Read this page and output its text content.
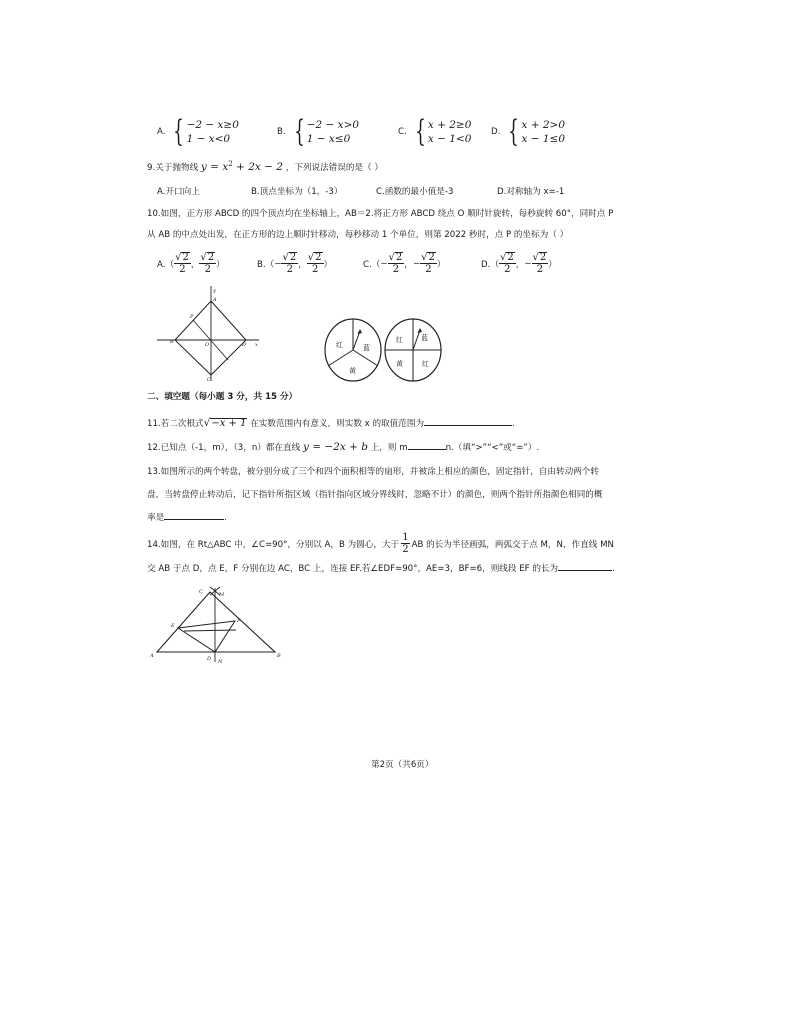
A. { −2 − x≥0
1 − x<0
B. { −2 − x>0
1 − x≤0
C. { x + 2≥0
x − 1<0
D. { x + 2>0
x − 1≤0
9.关于抛物线 $y = x^2 + 2x - 2$ ，下列说法错误的是（ ）
A.开口向上	B.顶点坐标为（1，-3）	C.函数的最小值是-3	D.对称轴为 x=-1
10.如图，正方形 ABCD 的四个顶点均在坐标轴上，AB＝2.将正方形 ABCD 绕点 O 顺时针旋转，每秒旋转 60°，同时点 P
从 AB 的中点处出发，在正方形的边上顺时针移动，每秒移动 1 个单位，则第 2022 秒时，点 P 的坐标为（ ）
$A.( \frac{√2}{2}$ ， $\frac{√2}{2}$ ）	$B.( - \frac{√2}{2}$ ， $\frac{√2}{2}$ ）	$C.( - \frac{√2}{2}$ ， − $\frac{√2}{2}$ ）	$D.( \frac{√2}{2}$ ， − $\frac{√2}{2}$ ）
y
A
P
B	O	D x
C
红	蓝
黄
红	蓝
黄	红
二、填空题（每小题 3 分，共 15 分）
11.若二次根式√−x + 1 在实数范围内有意义，则实数 x 的取值范围为	.
12.已知点（-1，m），（3，n）都在直线 y = −2x + b 上，则 m	n.（填“>”“<”或“=”）.
13.如图所示的两个转盘，被分别分成了三个和四个面积相等的扇形，并被涂上相应的颜色，固定指针，自由转动两个转
盘，当转盘停止转动后，记下指针所指区域（指针指向区域分界线时，忽略不计）的颜色，则两个指针所指颜色相同的概
率是	.
14.如图，在 Rt△ABC 中，∠C=90°，分别以 A，B 为圆心，大于 $\frac{1}{2}$ AB 的长为半径画弧，两弧交于点 M，N，作直线 MN
交 AB 于点 D，点 E，F 分别在边 AC，BC 上，连接 EF.若∠EDF=90°，AE=3，BF=6，则线段 EF 的长为	.
C	M
E
F
A	D	B
N
第2页（共6页）
